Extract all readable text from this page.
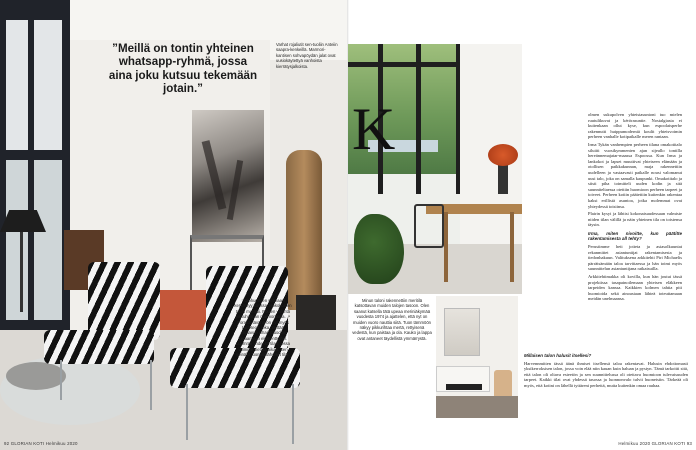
”Meillä on tontin yhteinen whatsapp-ryhmä, jossa aina joku kutsuu tekemään jotain.”
Varhat rojaliutit sen-tuoliin Anteiin saapra-kenkeillä. Marmori-kantisen sohvapöydän jalat ovat uusiokäytettyä vanhoista kierrätysjalkoista.
↑ Olohuoneen sebeaasi kerääntyy kanssa. Isokokoinen taulu muraali. Poulen vähintä pikkuhelman marmoriaalla. ↗ Porakäytävänä on nyt myös taideteos, joka näyttää ohjaavan pihan muodon keraamisiin elementteihin. Luomme yhdessä tilan, jossa voimme viettää aikaa. Sen seinällä luonnonläheiset tilat.
92 GLORIAN KOTI Helmikuu 2020
K	olmen sukupolven yhteistasuntoni tuo mielen ruutulikuvat ja kérörasuntie. Nostalgiasta ei kuitenkaan ollut kyse, kun espoolaisperhe rakennutti huippumoderniä koulit yhteisvoimin perheen vanhalle kotipaikalle meren rantaan.

Irma Tykän vanhempien perheen tilana omakotitalo siluiiti vuosikymmenten ajan sijeallo tontilla hereännemajatar-maassa Espoossa. Kun Irma ja lankokot ja lapset muuttivat yhteiseen elämään ja otollisen paikkakunnan, maja rakennettiin uudelleen ja vastaavasti paikalle nousi valomanut uusi talo, joka on samalla kaupunki. Omakotitalo ja siisti piha toimitteli uuden kodin ja sitä suunniteltaessa otettiin huomioon perheen tarpeet ja toiveet. Perheen kotiin päätettiin kuitenkin rakentaa kaksi erillistä asuntoa, jotka molemmat ovat yhteydessä toisiinsa.

Plairin kysyi ja lähtisi kokonaisuudessaan valmiste niiden tilan välillä ja näin yhteinen tila on toistensa täysin.

Irma, miten nivoitte, kun päätitte rakentamisesta all tehty?

Perustimme heti jotteta ja asiasolkuuntat rekanmittet asiantuntijat rakentamisesta ja tiedonhakuun. Valituksena arkkitehti Piri Michaelis pärrätsämään taloa tarvittaessa ja hän toimi myös suunnittelun asiantuntijana ratkaisuilla.

Arkkitehtimakka oli kovilla, kun hän joutui tässä projektissa tasapainoilemaan yhteisen eläkkeen tarpeiden kanssa. Kaikkien kolmen tahtia piti huomioida sekä ainoastaan lähteä toteuttamaan meidän unelmaansa.

Minun taloni rakennettiin meritilä katsottavan muiden talojen tasoon. Olen saanut katsella tätä upeaa meriniäkymää vuodesta 1974 ja ajattelen, että nyt on muiden vuoro nauttia siitä. Tuon tämmöön näkyy pikkurihtaa mertä, rettyisenä vedestä, kun paistaa ja ola. Kauko ja lappa ovat antaneet täydellistä ymmärrystä.

Millaisen talon halusit itsellesi?

Harvennmitten tässä äänä ihmiset itsellensä taloa rakentavat. Halusin ehdottomasti yksikerroksisen talon, jossa voin elää niin kauan kuin haluan ja pystyn. Tämä tarkoitti sitä, että talon oli oltava esteetön ja sen suunnittelussa oli otettava huomioon tulevaisuuden tarpeet. Kaikki tilat ovat yhdessä tasossa ja luonnonvalo tulvii huoneisiin. Tärkeää oli myös, että kotini on lähellä tyttäreni perhettä, mutta kuitenkin omaa rauhaa.

Helmikuu 2020 GLORIAN KOTI 93
